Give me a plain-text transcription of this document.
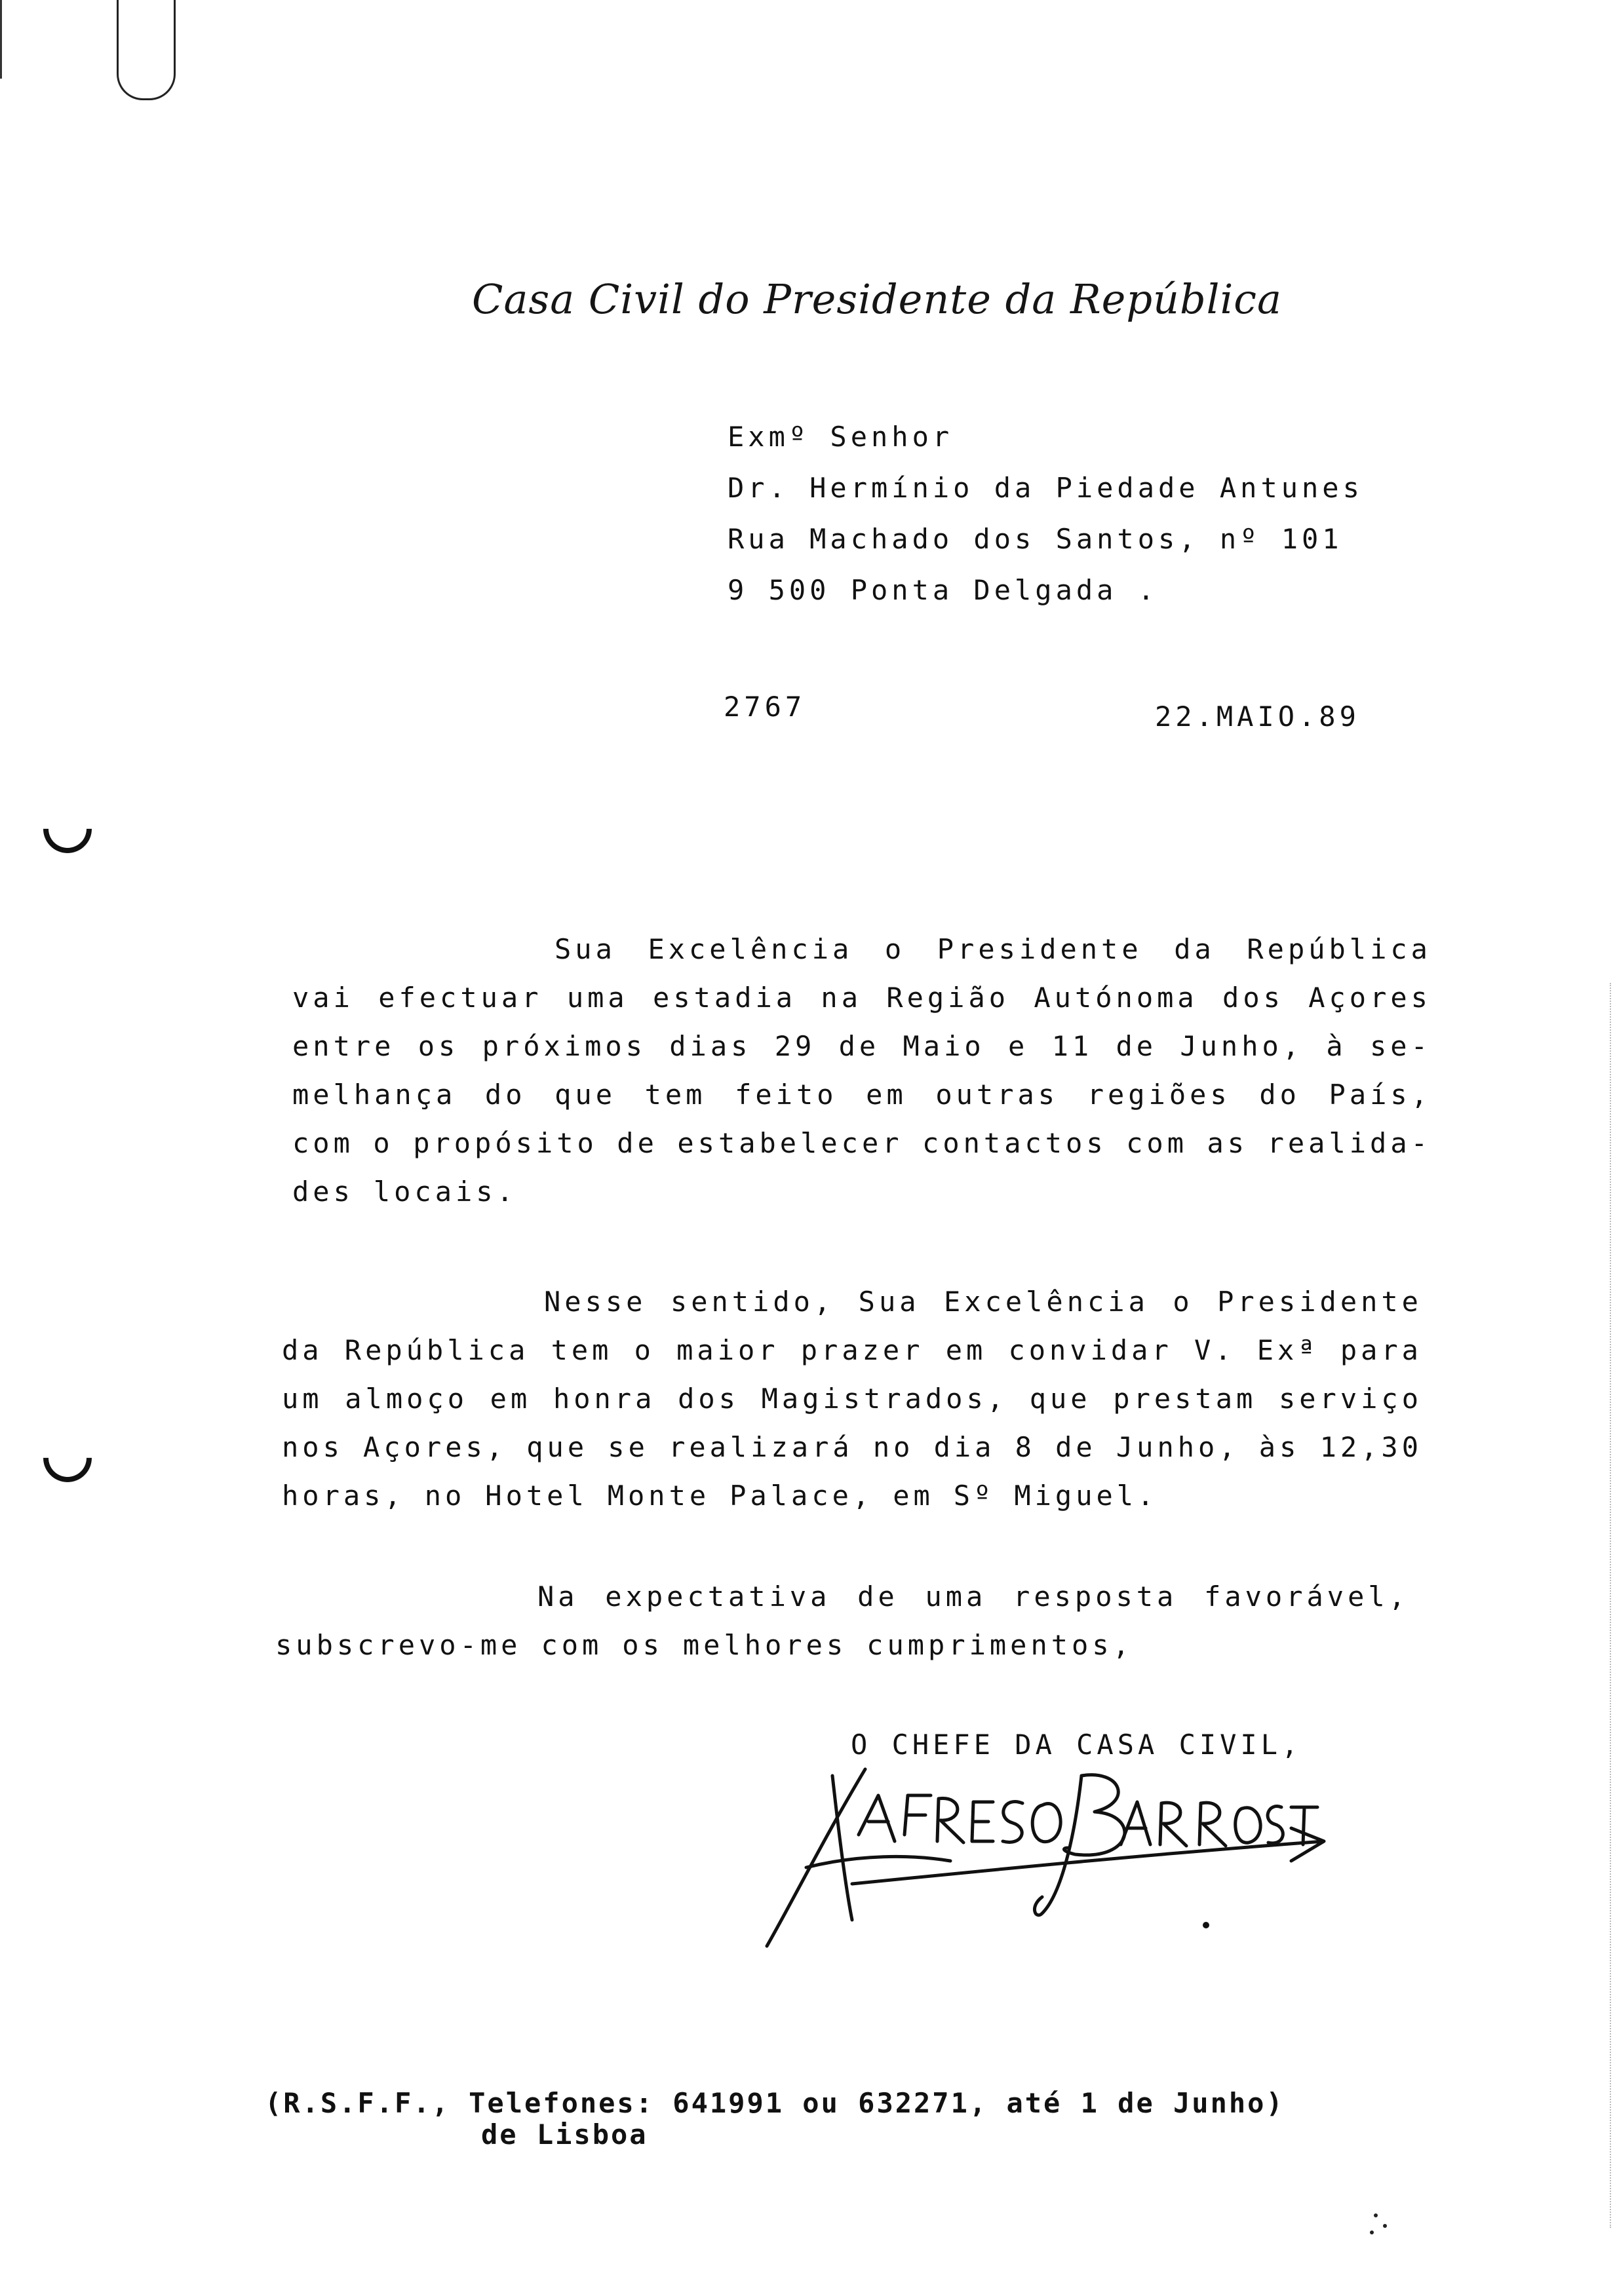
Casa Civil do Presidente da República
Exmº Senhor
Dr. Hermínio da Piedade Antunes
Rua Machado dos Santos, nº 101
9 500 Ponta Delgada .
2767	22.MAIO.89
Sua Excelência o Presidente da República
vai efectuar uma estadia na Região Autónoma dos Açores
entre os próximos dias 29 de Maio e 11 de Junho, à se-
melhança do que tem feito em outras regiões do País,
com o propósito de estabelecer contactos com as realida-
des locais.
Nesse sentido, Sua Excelência o Presidente
da República tem o maior prazer em convidar V. Exª para
um almoço em honra dos Magistrados, que prestam serviço
nos Açores, que se realizará no dia 8 de Junho, às 12,30
horas, no Hotel Monte Palace, em Sº Miguel.
Na expectativa de uma resposta favorável,
subscrevo-me com os melhores cumprimentos,
O CHEFE DA CASA CIVIL,
(R.S.F.F., Telefones: 641991 ou 632271, até 1 de Junho)
de Lisboa
